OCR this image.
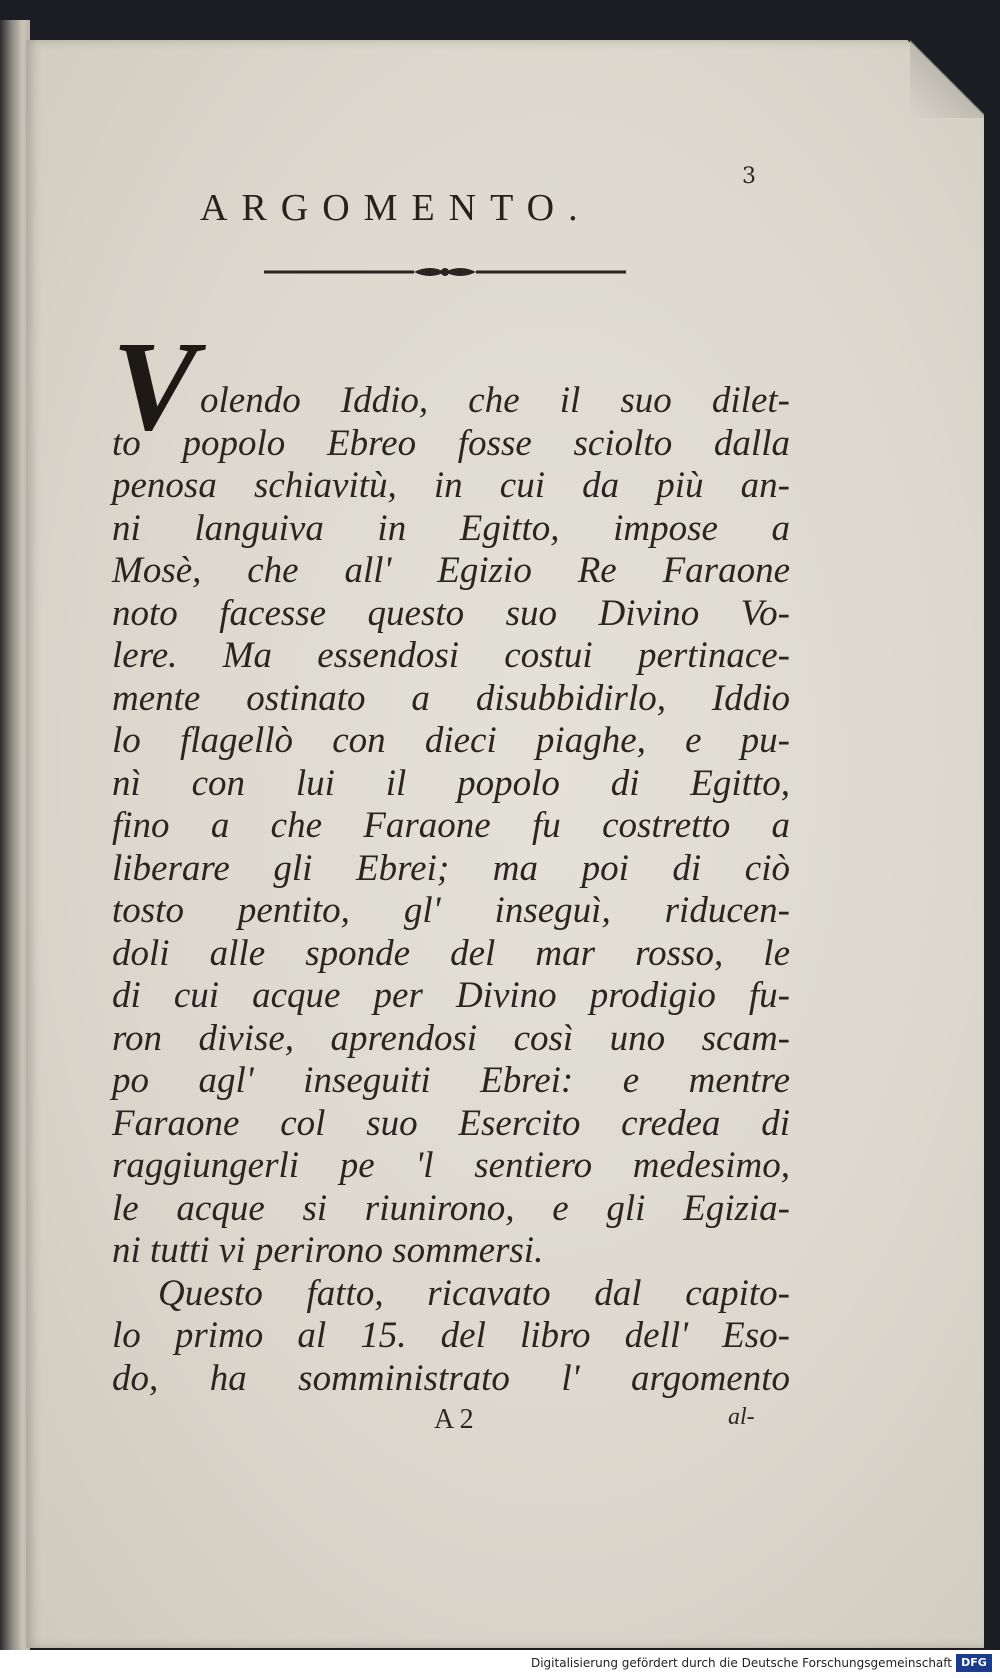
3
ARGOMENTO.
V olendo Iddio, che il suo dilet-
to popolo Ebreo fosse sciolto dalla
penosa schiavitù, in cui da più an-
ni languiva in Egitto, impose a
Mosè, che all' Egizio Re Faraone
noto facesse questo suo Divino Vo-
lere. Ma essendosi costui pertinace-
mente ostinato a disubbidirlo, Iddio
lo flagellò con dieci piaghe, e pu-
nì con lui il popolo di Egitto,
fino a che Faraone fu costretto a
liberare gli Ebrei; ma poi di ciò
tosto pentito, gl' inseguì, riducen-
doli alle sponde del mar rosso, le
di cui acque per Divino prodigio fu-
ron divise, aprendosi così uno scam-
po agl' inseguiti Ebrei: e mentre
Faraone col suo Esercito credea di
raggiungerli pe 'l sentiero medesimo,
le acque si riunirono, e gli Egizia-
ni tutti vi perirono sommersi.
Questo fatto, ricavato dal capito-
lo primo al 15. del libro dell' Eso-
do, ha somministrato l' argomento
A 2	al-
Digitalisierung gefördert durch die Deutsche Forschungsgemeinschaft DFG
